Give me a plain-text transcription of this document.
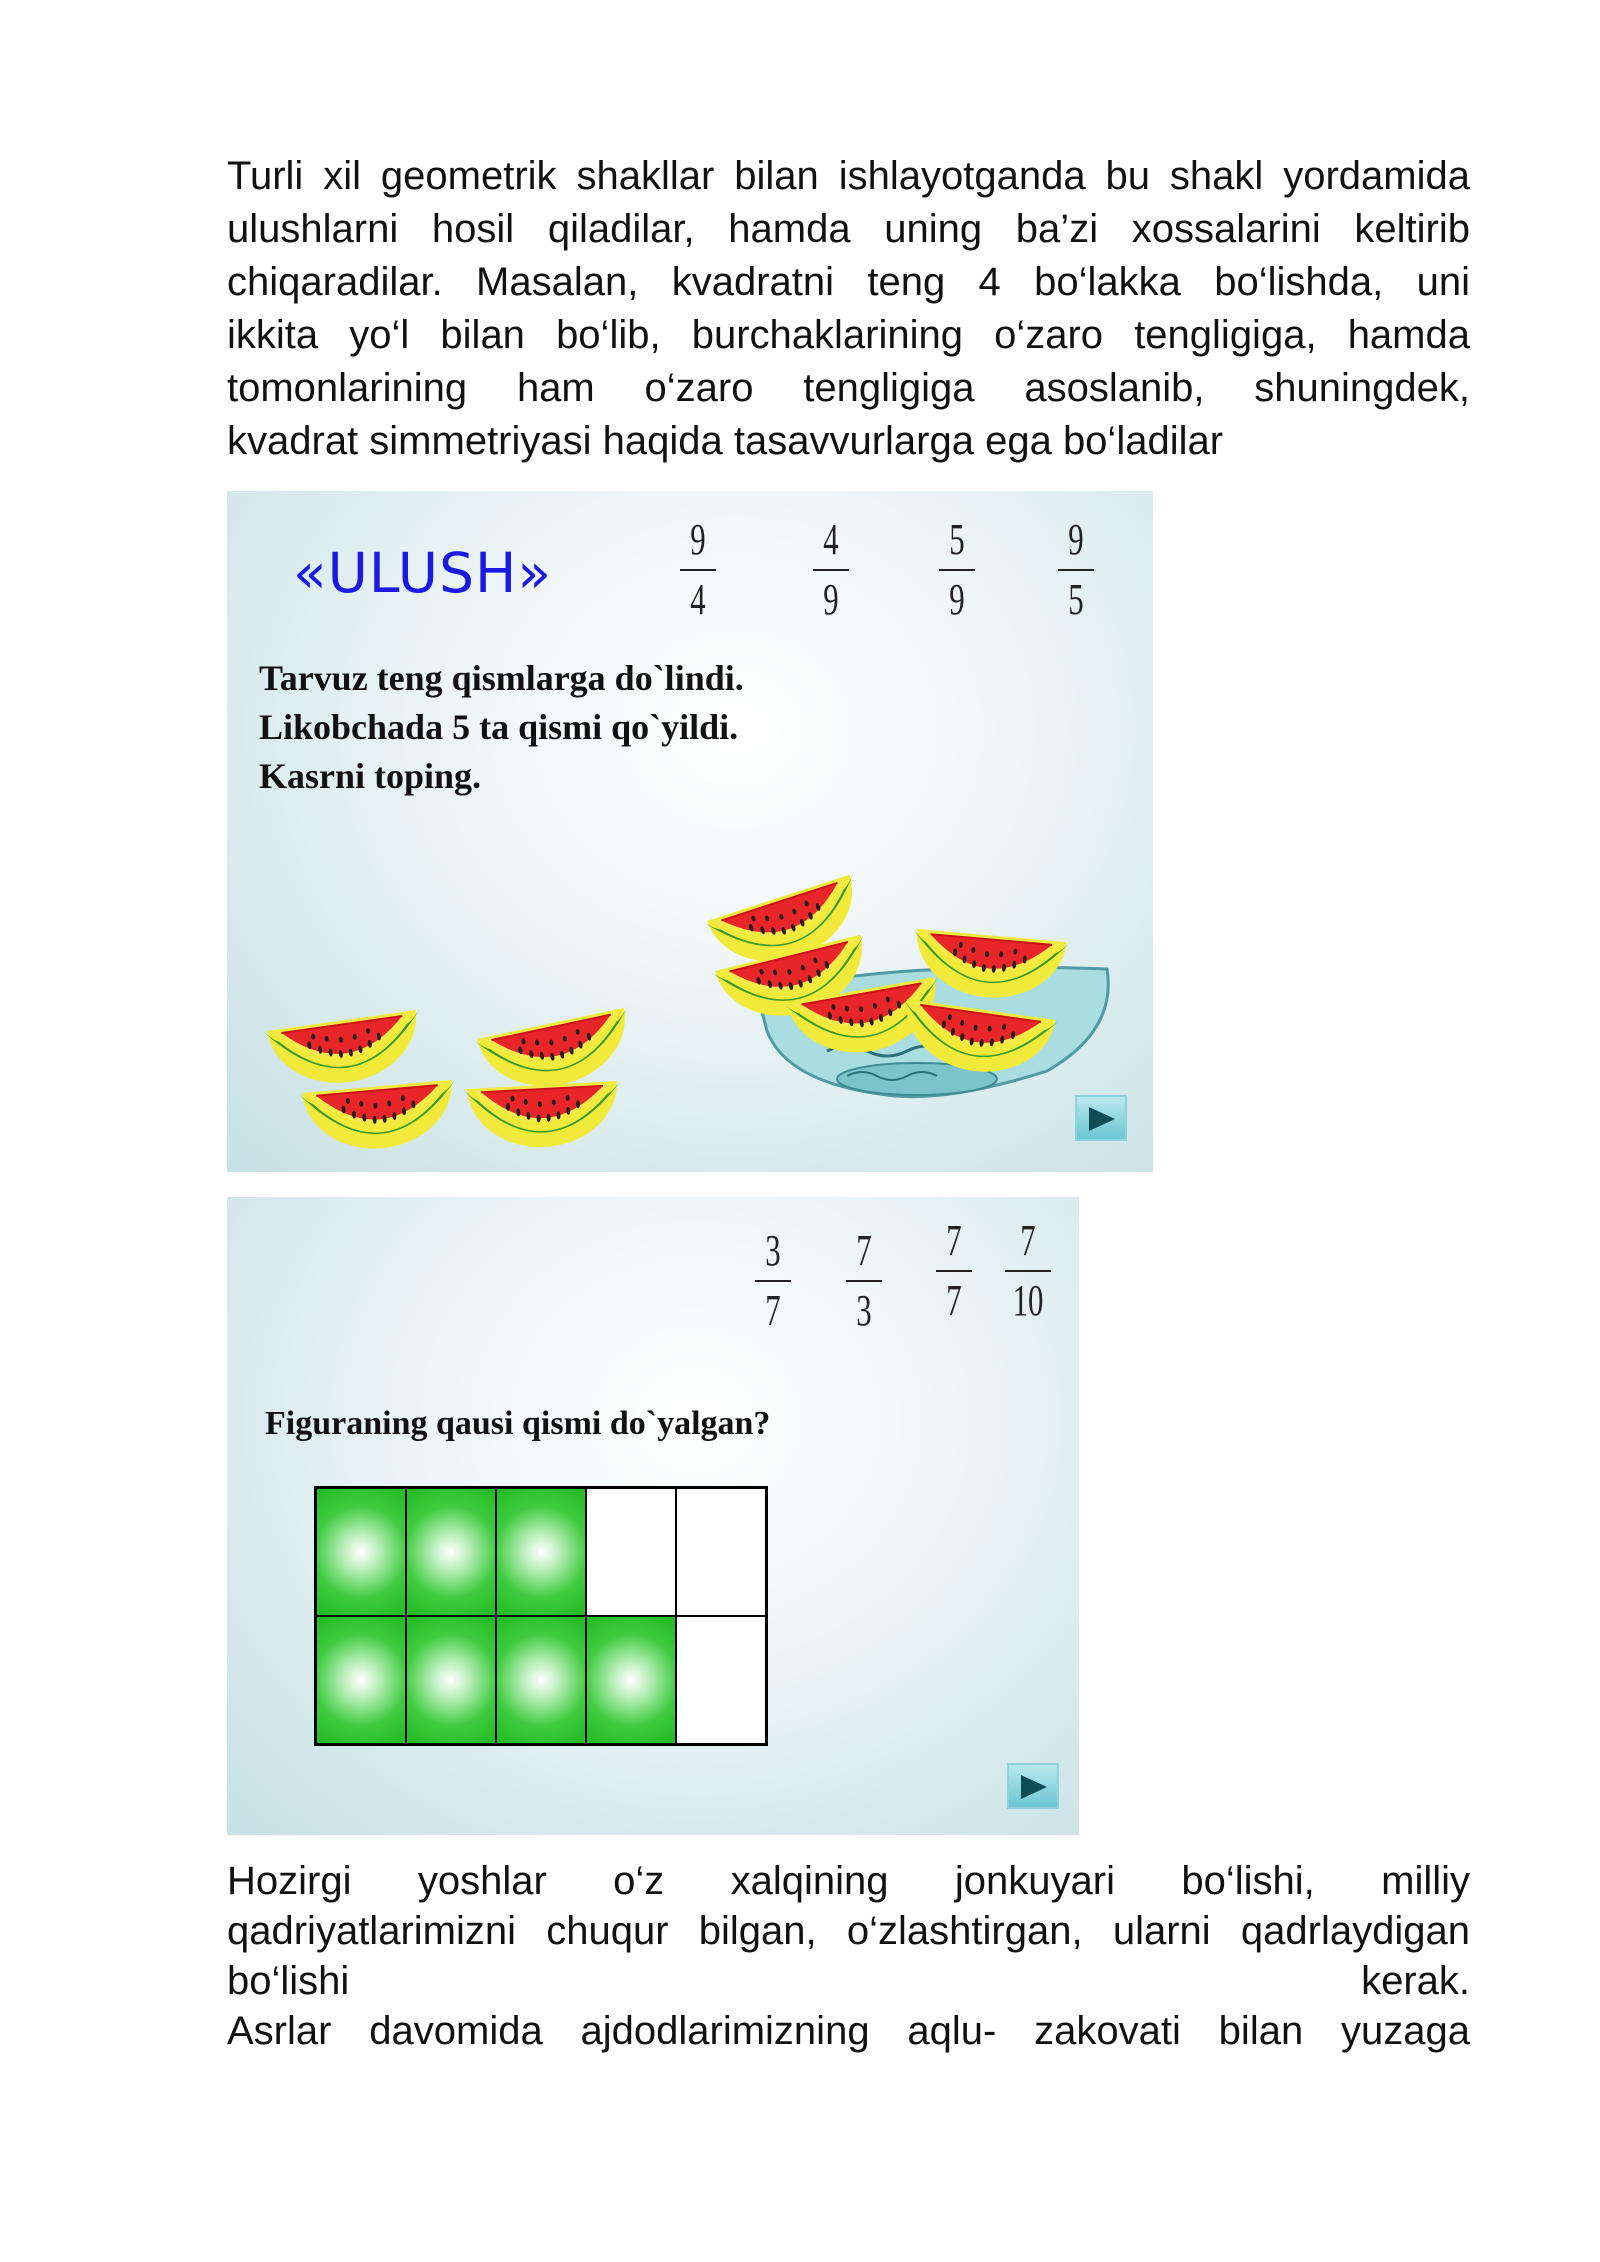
Turli xil geometrik shakllar bilan ishlayotganda bu shakl yordamida
ulushlarni hosil qiladilar, hamda uning ba’zi xossalarini keltirib
chiqaradilar. Masalan, kvadratni teng 4 bo‘lakka bo‘lishda, uni
ikkita yo‘l bilan bo‘lib, burchaklarining o‘zaro tengligiga, hamda
tomonlarining ham o‘zaro tengligiga asoslanib, shuningdek,
kvadrat simmetriyasi haqida tasavvurlarga ega bo‘ladilar
«ULUSH»
9
4
4
9
5
9
9
5
Tarvuz teng qismlarga do`lindi.
Likobchada 5 ta qismi qo`yildi.
Kasrni toping.
3
7
7
3
7
7
7
10
Figuraning qausi qismi do`yalgan?
Hozirgi yoshlar o‘z xalqining jonkuyari bo‘lishi, milliy
qadriyatlarimizni chuqur bilgan, o‘zlashtirgan, ularni qadrlaydigan
bo‘lishi kerak.
Asrlar davomida ajdodlarimizning aqlu- zakovati bilan yuzaga
